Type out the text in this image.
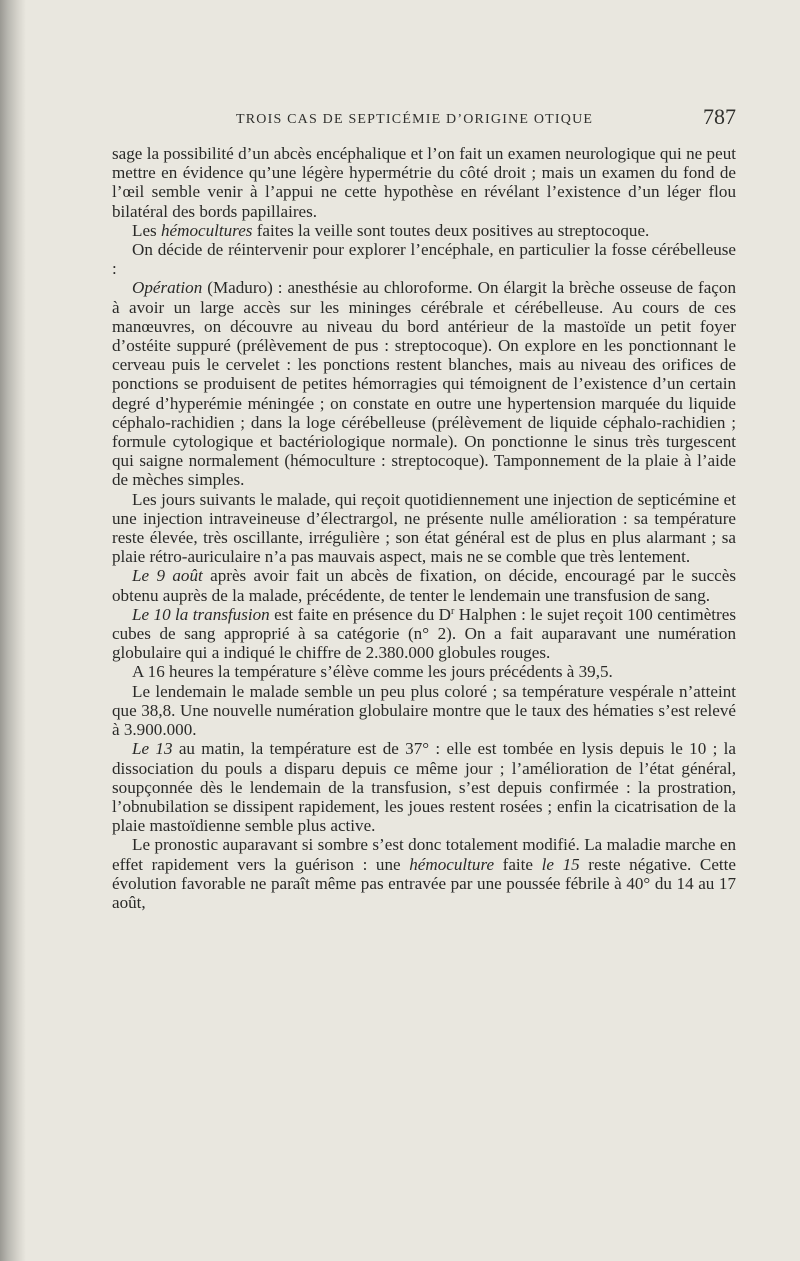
TROIS CAS DE SEPTICÉMIE D’ORIGINE OTIQUE	787

sage la possibilité d’un abcès encéphalique et l’on fait un examen neurologique qui ne peut mettre en évidence qu’une légère hypermétrie du côté droit ; mais un examen du fond de l’œil semble venir à l’appui ne cette hypothèse en révélant l’existence d’un léger flou bilatéral des bords papillaires.

Les hémocultures faites la veille sont toutes deux positives au streptocoque.

On décide de réintervenir pour explorer l’encéphale, en particulier la fosse cérébelleuse :

Opération (Maduro) : anesthésie au chloroforme. On élargit la brèche osseuse de façon à avoir un large accès sur les mininges cérébrale et cérébelleuse. Au cours de ces manœuvres, on découvre au niveau du bord antérieur de la mastoïde un petit foyer d’ostéite suppuré (prélèvement de pus : streptocoque). On explore en les ponctionnant le cerveau puis le cervelet : les ponctions restent blanches, mais au niveau des orifices de ponctions se produisent de petites hémorragies qui témoignent de l’existence d’un certain degré d’hyperémie méningée ; on constate en outre une hypertension marquée du liquide céphalo-rachidien ; dans la loge cérébelleuse (prélèvement de liquide céphalo-rachidien ; formule cytologique et bactériologique normale). On ponctionne le sinus très turgescent qui saigne normalement (hémoculture : streptocoque). Tamponnement de la plaie à l’aide de mèches simples.

Les jours suivants le malade, qui reçoit quotidiennement une injection de septicémine et une injection intraveineuse d’électrargol, ne présente nulle amélioration : sa température reste élevée, très oscillante, irrégulière ; son état général est de plus en plus alarmant ; sa plaie rétro-auriculaire n’a pas mauvais aspect, mais ne se comble que très lentement.

Le 9 août après avoir fait un abcès de fixation, on décide, encouragé par le succès obtenu auprès de la malade, précédente, de tenter le lendemain une transfusion de sang.

Le 10 la transfusion est faite en présence du $D^r$ Halphen : le sujet reçoit 100 centimètres cubes de sang approprié à sa catégorie (n° 2). On a fait auparavant une numération globulaire qui a indiqué le chiffre de 2.380.000 globules rouges.

A 16 heures la température s’élève comme les jours précédents à 39,5.

Le lendemain le malade semble un peu plus coloré ; sa température vespérale n’atteint que 38,8. Une nouvelle numération globulaire montre que le taux des hématies s’est relevé à 3.900.000.

Le 13 au matin, la température est de 37° : elle est tombée en lysis depuis le 10 ; la dissociation du pouls a disparu depuis ce même jour ; l’amélioration de l’état général, soupçonnée dès le lendemain de la transfusion, s’est depuis confirmée : la prostration, l’obnubilation se dissipent rapidement, les joues restent rosées ; enfin la cicatrisation de la plaie mastoïdienne semble plus active.

Le pronostic auparavant si sombre s’est donc totalement modifié. La maladie marche en effet rapidement vers la guérison : une hémoculture faite le 15 reste négative. Cette évolution favorable ne paraît même pas entravée par une poussée fébrile à 40° du 14 au 17 août,
